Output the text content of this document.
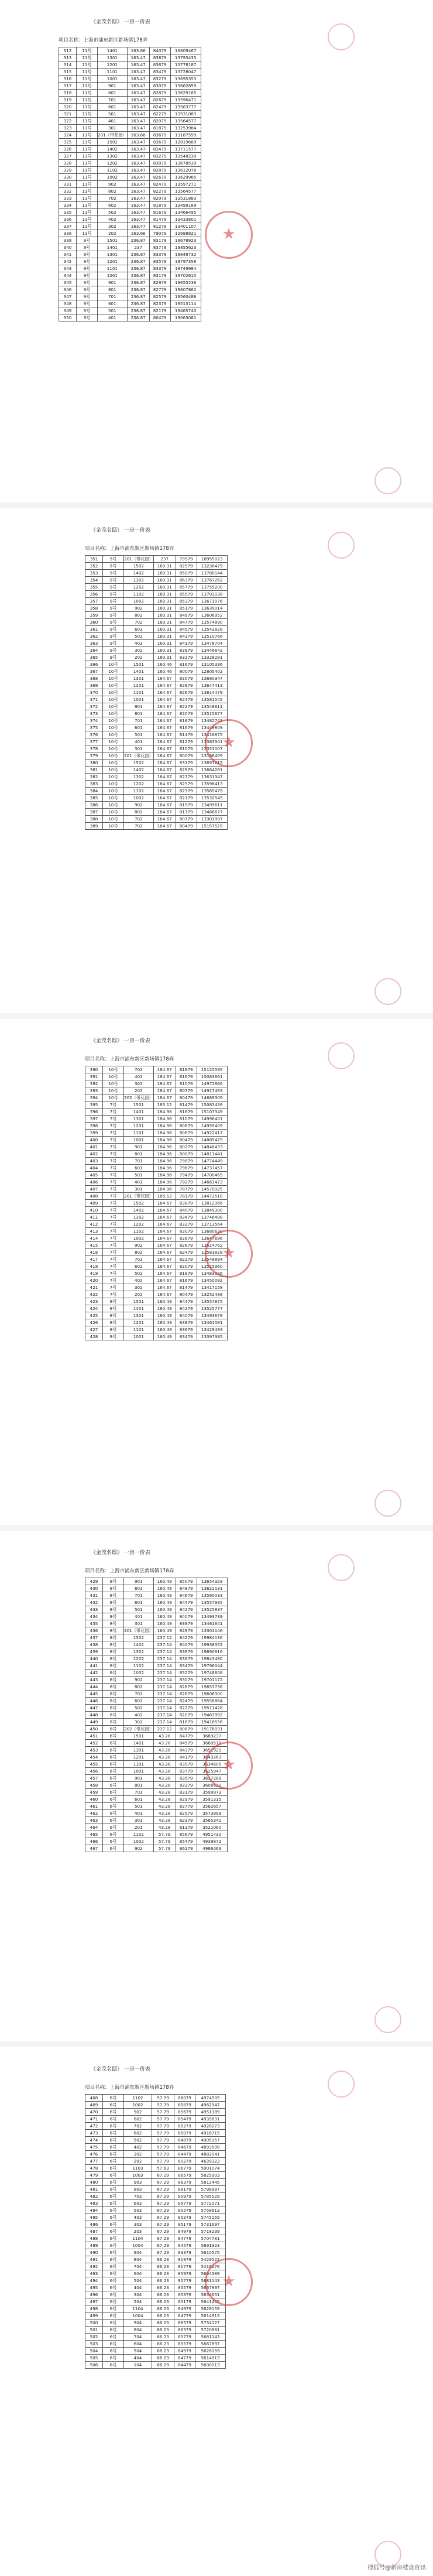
《金茂名邸》 一房一价表
项目名称：上海市浦东新区新场镇178弄
312	11号	1401	163.66	84079	13809467
313	11号	1301	163.47	83879	13793435
314	11号	1201	163.47	83679	13778187
315	11号	1101	163.47	83479	13728047
316	11号	1001	163.47	83279	13695353
317	11号	901	163.47	83079	13662859
318	11号	801	163.47	82879	13629165
319	11号	701	163.47	82679	13596471
320	11号	601	163.47	82479	13563777
321	11号	501	163.47	82279	13531083
322	11号	401	163.47	82079	13564577
323	11号	301	163.47	81879	13253984
324	11号	201（带花园）	163.66	83679	13187559
325	11号	1502	163.47	83679	12819669
326	11号	1402	163.47	83479	13711577
327	11号	1302	163.47	83279	13548230
328	11号	1202	163.47	83079	13678539
329	11号	1102	163.47	82879	13612078
330	11号	1002	163.47	82679	13629965
331	11号	902	163.47	82479	13597271
332	11号	802	163.47	82279	13564577
333	11号	702	163.47	82079	13531883
334	11号	602	163.47	81879	13499189
335	11号	502	163.47	81679	13466495
336	11号	402	163.47	81479	13433801
337	11号	302	163.47	81279	13401107
338	11号	202	163.66	79079	12688821
339	9号	1501	236.87	83179	19678923
340	9号	1401	237	83779	19855623
341	9号	1301	236.87	83379	19848732
342	9号	1201	236.87	83579	19797358
343	9号	1101	236.87	83379	19749984
344	9号	1001	236.87	83179	19702610
345	9号	901	236.87	82979	19655236
346	9号	801	236.87	82779	19607862
347	9号	701	236.87	82579	19560488
348	9号	601	236.87	82379	19513114
349	9号	501	236.87	82179	19465740
350	9号	401	236.87	80479	19063061
★
《金茂名邸》 一房一价表
项目名称：上海市浦东新区新场镇178弄
351	9号	201（带花园）	237	79979	18955023
352	9号	1502	160.31	82579	13238479
353	9号	1402	160.31	85079	13780144
354	9号	1302	160.31	86379	13767262
355	9号	1202	160.31	85779	13755200
356	9号	1102	160.31	85579	13703138
357	9号	1002	160.31	85379	13671076
358	9号	902	160.31	85179	13639014
359	9号	802	160.31	84979	13606952
360	9号	702	160.31	84779	13574890
361	9号	602	160.31	84579	13542828
362	9号	502	160.31	84379	13510766
363	9号	402	160.31	84179	13478704
364	9号	302	160.31	83979	13446642
365	9号	202	160.31	83279	13328291
366	10号	1501	160.46	81679	13105396
367	10号	1401	160.46	80079	12805402
368	10号	1301	164.67	83079	13680347
369	10号	1201	164.67	82879	13647413
370	10号	1101	164.67	82679	13614479
371	10号	1001	164.67	82479	13581545
372	10号	901	164.67	82279	13548611
373	10号	801	164.67	82079	13515677
374	10号	701	164.67	81879	13482743
375	10号	601	164.67	81679	13449809
376	10号	501	164.67	81479	13416875
377	10号	401	164.67	81279	13383941
378	10号	301	164.67	81079	13351007
379	10号	201（带花园）	164.67	80079	13186409
380	10号	1502	164.67	83179	13697215
381	10号	1402	164.67	82979	13664281
382	10号	1302	164.67	82779	13631347
383	10号	1202	164.67	82579	13598413
384	10号	1102	164.67	82379	13565479
385	10号	1002	164.67	82179	13532545
386	10号	902	164.67	81979	13499611
387	10号	802	164.67	81779	13466677
388	10号	702	164.67	80779	13301997
389	10号	702	164.67	80479	15157529
★
《金茂名邸》 一房一价表
项目名称：上海市浦东新区新场镇178弄
390	10号	702	184.67	81879	15120595
391	10号	402	184.67	81679	15083661
392	10号	302	184.67	81079	14972866
393	10号	202	184.67	80779	14917463
394	10号	202（带花园）	184.67	80479	14689309
395	7号	1501	185.12	81479	15083438
396	7号	1401	184.96	81679	15107349
397	7号	1301	184.96	81079	14996401
398	7号	1201	184.96	80879	14959409
399	7号	1101	184.96	80679	14922417
400	7号	1001	184.96	80479	14885425
401	7号	901	184.96	80279	14848433
402	7号	801	184.96	80079	14811441
403	7号	701	184.96	79879	14774449
404	7号	601	184.96	79679	14737457
405	7号	501	184.96	79479	14700465
406	7号	401	184.96	79279	14663473
407	7号	301	184.96	78779	14570925
408	7号	201（带花园）	185.12	78179	14472510
409	7号	1502	164.67	83879	13812366
410	7号	1402	164.67	84079	13845300
411	7号	1302	164.67	83479	13746498
412	7号	1202	164.67	83279	13713564
413	7号	1102	164.67	83079	13680630
414	7号	1002	164.67	82879	13647696
415	7号	902	164.67	82679	13614762
416	7号	802	164.67	82479	13581828
417	7号	702	164.67	82279	13548894
418	7号	602	164.67	82079	13515960
419	7号	502	164.67	81879	13483026
420	7号	402	164.67	81679	13450092
421	7号	302	164.67	81479	13417158
422	7号	202	164.67	80479	13252488
423	8号	1501	160.49	84479	13557875
424	8号	1401	160.49	84279	13525777
425	8号	1301	160.49	84079	13493679
426	8号	1201	160.49	83879	13461581
427	8号	1101	160.49	83679	13429483
428	8号	1001	160.49	83479	13397385
★
《金茂名邸》 一房一价表
项目名称：上海市浦东新区新场镇178弄
429	8号	901	160.49	85079	13654329
430	8号	801	160.49	84879	13622131
431	8号	701	160.49	84679	13590033
432	8号	601	160.49	84479	13557935
433	8号	501	160.49	84279	13525837
434	8号	401	160.49	84079	13493739
435	8号	301	160.49	83879	13461641
436	8号	201（带花园）	160.49	82879	13301146
437	8号	1502	237.12	84279	19984136
438	8号	1402	237.14	84079	19938352
439	8号	1302	237.14	83879	19890916
440	8号	1202	237.14	83679	19843480
441	8号	1102	237.14	83479	19796044
442	8号	1002	237.14	83279	19748608
443	8号	902	237.14	83079	19701172
444	8号	802	237.14	82879	19653736
445	8号	702	237.14	82679	19606300
446	8号	602	237.14	82479	19558864
447	8号	502	237.14	82279	19511428
448	8号	402	237.14	82079	19463992
449	8号	302	237.14	81879	19416556
450	8号	202（带花园）	237.12	80879	19178031
451	6号	1501	43.28	84779	3669237
452	6号	1401	43.28	84579	3660579
453	6号	1301	43.28	84379	3651921
454	6号	1201	43.28	84179	3643263
455	6号	1101	43.28	83979	3634605
456	6号	1001	43.28	83779	3625947
457	6号	901	43.28	83579	3617289
458	6号	801	43.28	83379	3608631
459	6号	701	43.28	83179	3599973
460	6号	601	43.28	82979	3591315
461	6号	501	43.28	82779	3582657
462	6号	401	43.28	82579	3573999
463	6号	301	43.28	82379	3565341
464	6号	201	43.28	81379	3521060
465	6号	1102	57.79	85679	4951430
466	6号	1002	57.79	85479	4939872
467	6号	902	57.79	86279	4986063
★
《金茂名邸》 一房一价表
项目名称：上海市浦东新区新场镇178弄
468	6号	1102	57.79	86079	4974505
469	6号	1002	57.79	85879	4962947
470	6号	902	57.79	85679	4951389
471	6号	802	57.79	85479	4939831
472	6号	702	57.79	85279	4928273
473	6号	602	57.79	85079	4916715
474	6号	502	57.79	84879	4905157
475	6号	402	57.79	84679	4893599
476	6号	302	57.79	84479	4882041
477	6号	202	57.79	80279	4639323
478	6号	1103	57.63	86779	5001074
479	6号	1003	67.29	86579	5825903
480	6号	903	67.29	86379	5812445
481	6号	803	67.29	86179	5798987
482	6号	703	67.29	85979	5785529
483	6号	603	67.29	85779	5772071
484	6号	503	67.29	85579	5758613
485	6号	403	67.29	85379	5745155
486	6号	303	67.29	85179	5731697
487	6号	203	67.29	84979	5718239
488	6号	1104	67.29	84779	5704781
489	6号	1004	67.29	84579	5691323
490	6号	904	67.29	83379	5610575
491	6号	804	66.23	81979	5429522
492	6号	704	66.23	81779	5416276
493	6号	604	66.23	85979	5694389
494	6号	504	66.23	85779	5681143
495	6号	404	66.23	85579	5667897
496	6号	304	66.23	85379	5654651
497	6号	204	66.23	85179	5641405
498	6号	1104	66.23	84979	5628159
499	6号	1004	66.23	84779	5614913
500	6号	904	66.23	86579	5734127
501	6号	804	66.23	86379	5720881
502	6号	704	66.23	85779	5681143
503	6号	604	66.23	85579	5667897
504	6号	504	66.23	84979	5628159
505	6号	404	66.23	84779	5614913
506	6号	104	66.29	84479	5600113
★
搜狐号@新房楼盘资讯
